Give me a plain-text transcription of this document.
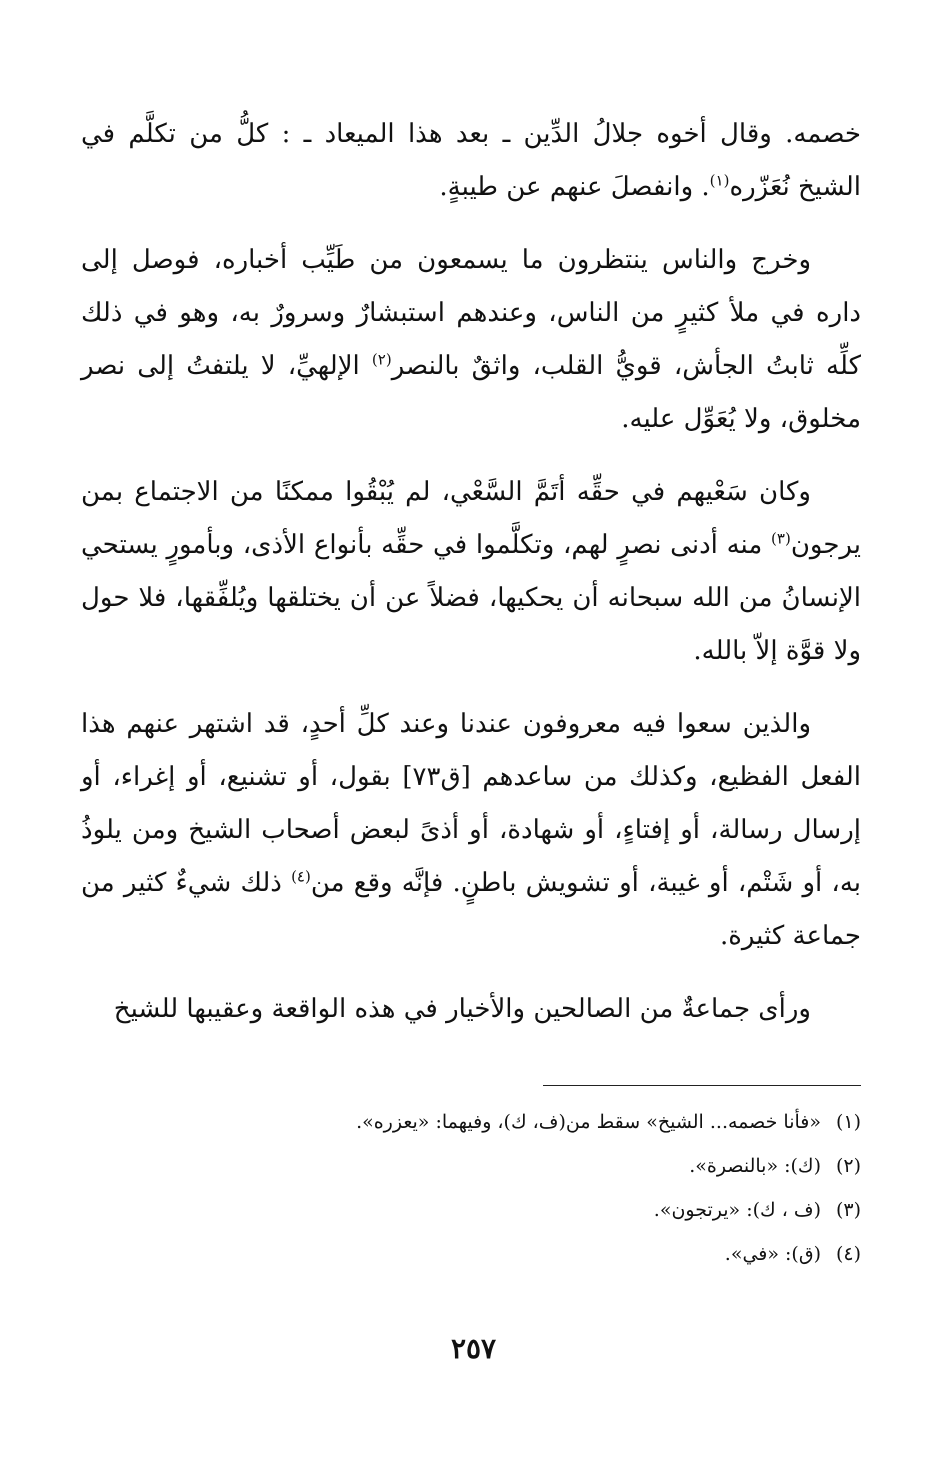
خصمه. وقال أخوه جلالُ الدِّين ـ بعد هذا الميعاد ـ : كلُّ من تكلَّم في الشيخ نُعَزّره$^{(١)}$. وانفصلَ عنهم عن طيبةٍ.

وخرج والناس ينتظرون ما يسمعون من طَيِّب أخباره، فوصل إلى داره في ملأ كثيرٍ من الناس، وعندهم استبشارٌ وسرورٌ به، وهو في ذلك كلِّه ثابتُ الجأش، قويُّ القلب، واثقٌ بالنصر$^{(٢)}$ الإلهيِّ، لا يلتفتُ إلى نصر مخلوق، ولا يُعَوِّل عليه.

وكان سَعْيهم في حقِّه أتَمَّ السَّعْي، لم يُبْقُوا ممكنًا من الاجتماع بمن يرجون$^{(٣)}$ منه أدنى نصرٍ لهم، وتكلَّموا في حقِّه بأنواع الأذى، وبأمورٍ يستحي الإنسانُ من الله سبحانه أن يحكيها، فضلاً عن أن يختلقها ويُلفِّقها، فلا حول ولا قوَّة إلاّ بالله.

والذين سعوا فيه معروفون عندنا وعند كلِّ أحدٍ، قد اشتهر عنهم هذا الفعل الفظيع، وكذلك من ساعدهم [ق٧٣] بقول، أو تشنيع، أو إغراء، أو إرسال رسالة، أو إفتاءٍ، أو شهادة، أو أذىً لبعض أصحاب الشيخ ومن يلوذُ به، أو شَتْم، أو غيبة، أو تشويش باطنٍ. فإنَّه وقع من$^{(٤)}$ ذلك شيءٌ كثير من جماعة كثيرة.

ورأى جماعةٌ من الصالحين والأخيار في هذه الواقعة وعقيبها للشيخ

(١)«فأنا خصمه... الشيخ» سقط من(ف، ك)، وفيهما: «يعزره».
(٢)(ك): «بالنصرة».
(٣)(ف ، ك): «يرتجون».
(٤)(ق): «في».
٢٥٧
